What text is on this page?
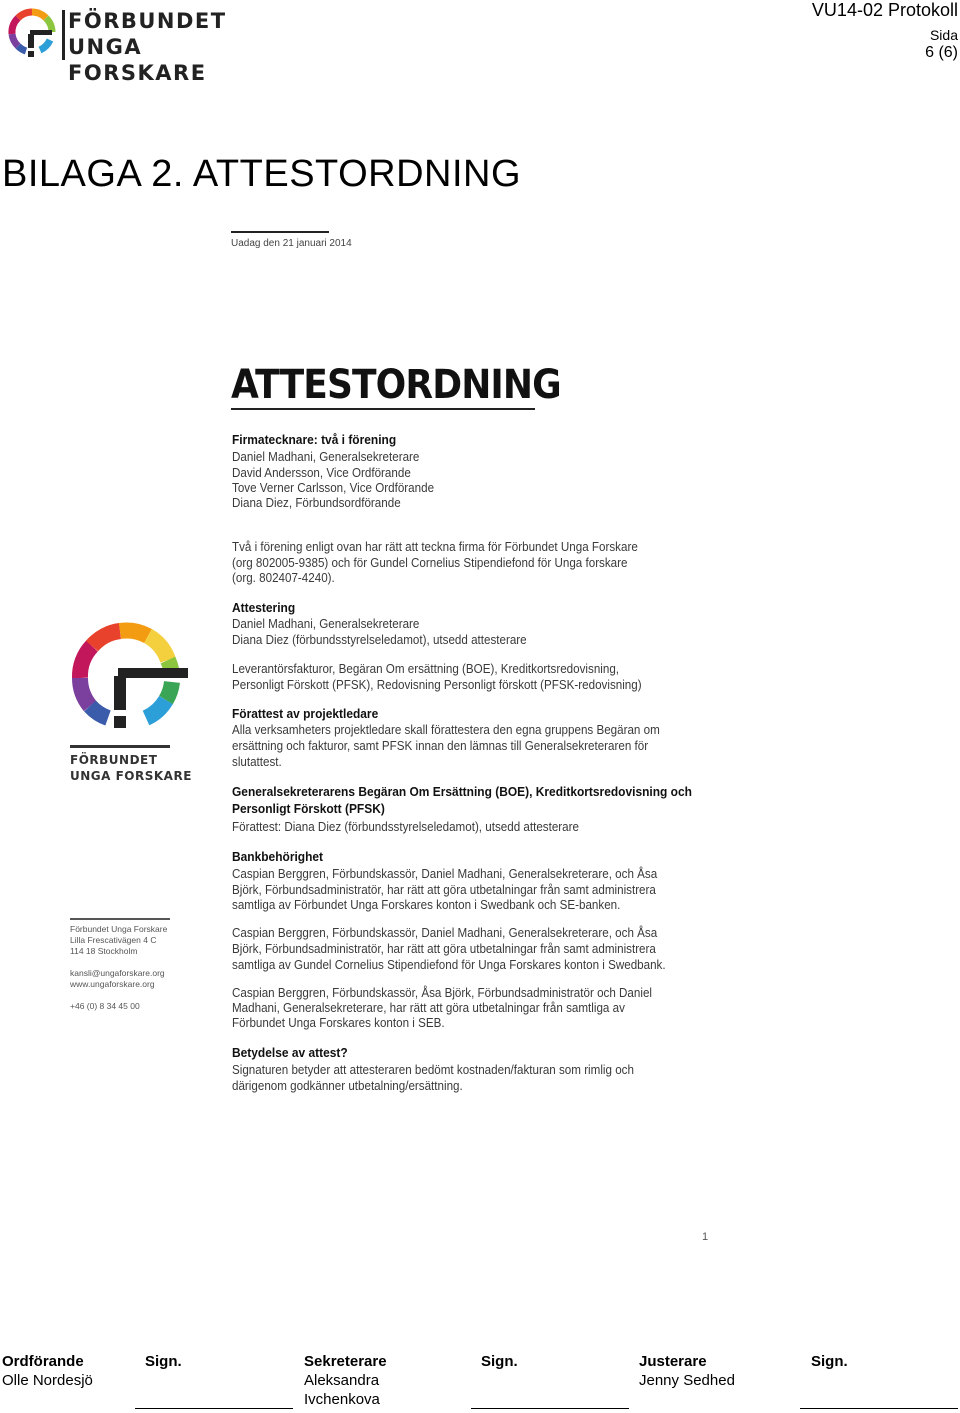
FÖRBUNDET
UNGA FORSKARE
VU14-02 Protokoll
Sida
6 (6)
BILAGA 2. ATTESTORDNING
Uadag den 21 januari 2014
ATTESTORDNING
Firmatecknare: två i förening
Daniel Madhani, Generalsekreterare
David Andersson, Vice Ordförande
Tove Verner Carlsson, Vice Ordförande
Diana Diez, Förbundsordförande
Två i förening enligt ovan har rätt att teckna firma för Förbundet Unga Forskare
(org 802005-9385) och för Gundel Cornelius Stipendiefond för Unga forskare
(org. 802407-4240).
Attestering
Daniel Madhani, Generalsekreterare
Diana Diez (förbundsstyrelseledamot), utsedd attesterare
Leverantörsfakturor, Begäran Om ersättning (BOE), Kreditkortsredovisning,
Personligt Förskott (PFSK), Redovisning Personligt förskott (PFSK-redovisning)
Förattest av projektledare
Alla verksamheters projektledare skall förattestera den egna gruppens Begäran om
ersättning och fakturor, samt PFSK innan den lämnas till Generalsekreteraren för
slutattest.
Generalsekreterarens Begäran Om Ersättning (BOE), Kreditkortsredovisning och
Personligt Förskott (PFSK)
Förattest: Diana Diez (förbundsstyrelseledamot), utsedd attesterare
Bankbehörighet
Caspian Berggren, Förbundskassör, Daniel Madhani, Generalsekreterare, och Åsa
Björk, Förbundsadministratör, har rätt att göra utbetalningar från samt administrera
samtliga av Förbundet Unga Forskares konton i Swedbank och SE-banken.
Caspian Berggren, Förbundskassör, Daniel Madhani, Generalsekreterare, och Åsa
Björk, Förbundsadministratör, har rätt att göra utbetalningar från samt administrera
samtliga av Gundel Cornelius Stipendiefond för Unga Forskares konton i Swedbank.
Caspian Berggren, Förbundskassör, Åsa Björk, Förbundsadministratör och Daniel
Madhani, Generalsekreterare, har rätt att göra utbetalningar från samtliga av
Förbundet Unga Forskares konton i SEB.
Betydelse av attest?
Signaturen betyder att attesteraren bedömt kostnaden/fakturan som rimlig och
därigenom godkänner utbetalning/ersättning.
FÖRBUNDET
UNGA FORSKARE
Förbundet Unga Forskare
Lilla Frescativägen 4 C
114 18 Stockholm

kansli@ungaforskare.org
www.ungaforskare.org

+46 (0) 8 34 45 00
1
Ordförande
Olle Nordesjö
Sign.	Sekreterare
Aleksandra
Ivchenkova
Sign.	Justerare
Jenny Sedhed
Sign.
